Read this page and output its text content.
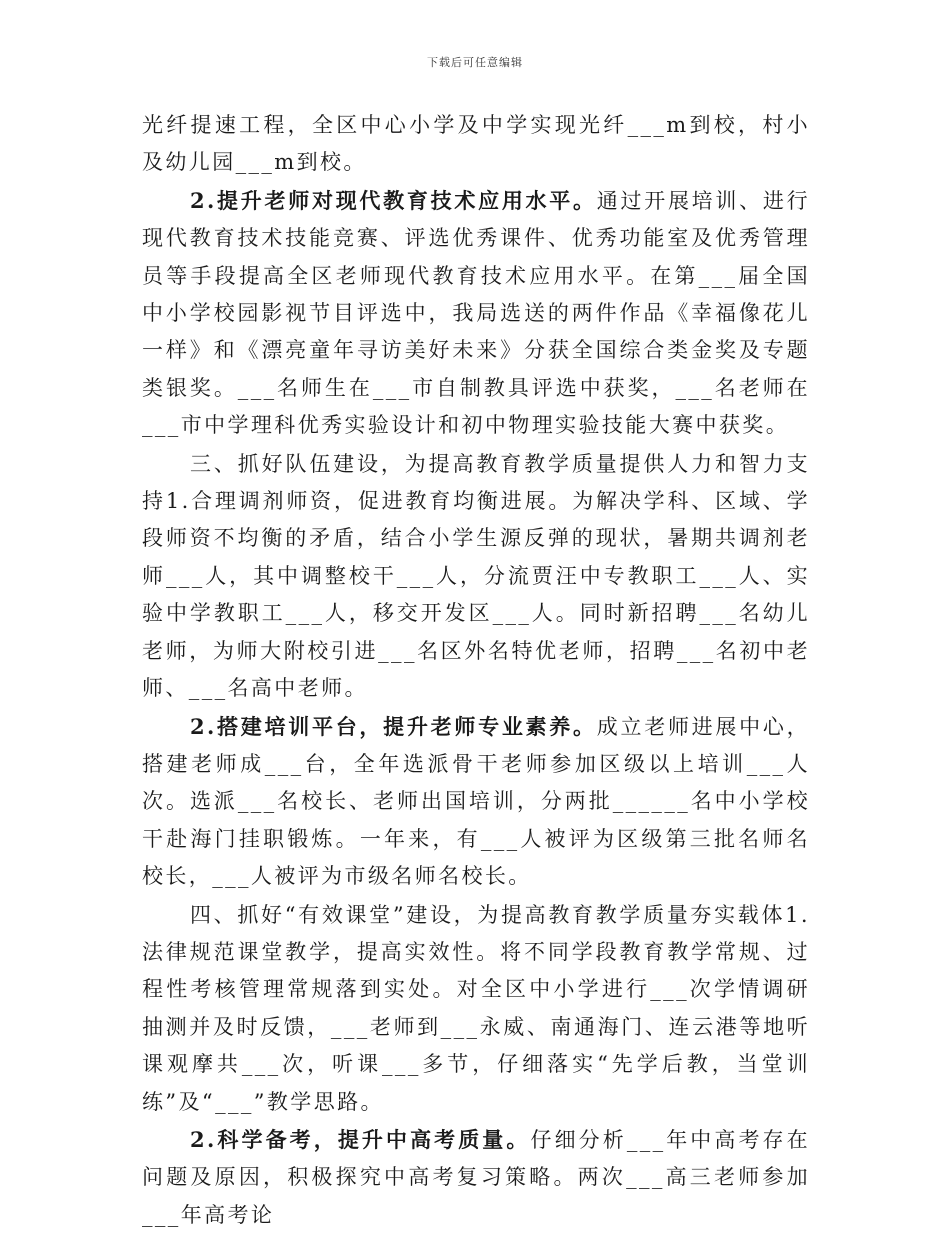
下载后可任意编辑

光纤提速工程，全区中心小学及中学实现光纤___m到校，村小及幼儿园___m到校。

2.提升老师对现代教育技术应用水平。通过开展培训、进行现代教育技术技能竞赛、评选优秀课件、优秀功能室及优秀管理员等手段提高全区老师现代教育技术应用水平。在第___届全国中小学校园影视节目评选中，我局选送的两件作品《幸福像花儿一样》和《漂亮童年寻访美好未来》分获全国综合类金奖及专题类银奖。___名师生在___市自制教具评选中获奖，___名老师在___市中学理科优秀实验设计和初中物理实验技能大赛中获奖。

三、抓好队伍建设，为提高教育教学质量提供人力和智力支持1.合理调剂师资，促进教育均衡进展。为解决学科、区域、学段师资不均衡的矛盾，结合小学生源反弹的现状，暑期共调剂老师___人，其中调整校干___人，分流贾汪中专教职工___人、实验中学教职工___人，移交开发区___人。同时新招聘___名幼儿老师，为师大附校引进___名区外名特优老师，招聘___名初中老师、___名高中老师。

2.搭建培训平台，提升老师专业素养。成立老师进展中心，搭建老师成___台，全年选派骨干老师参加区级以上培训___人次。选派___名校长、老师出国培训，分两批______名中小学校干赴海门挂职锻炼。一年来，有___人被评为区级第三批名师名校长，___人被评为市级名师名校长。

四、抓好“有效课堂”建设，为提高教育教学质量夯实载体1.法律规范课堂教学，提高实效性。将不同学段教育教学常规、过程性考核管理常规落到实处。对全区中小学进行___次学情调研抽测并及时反馈，___老师到___永威、南通海门、连云港等地听课观摩共___次，听课___多节，仔细落实“先学后教，当堂训练”及“___”教学思路。

2.科学备考，提升中高考质量。仔细分析___年中高考存在问题及原因，积极探究中高考复习策略。两次___高三老师参加___年高考论
